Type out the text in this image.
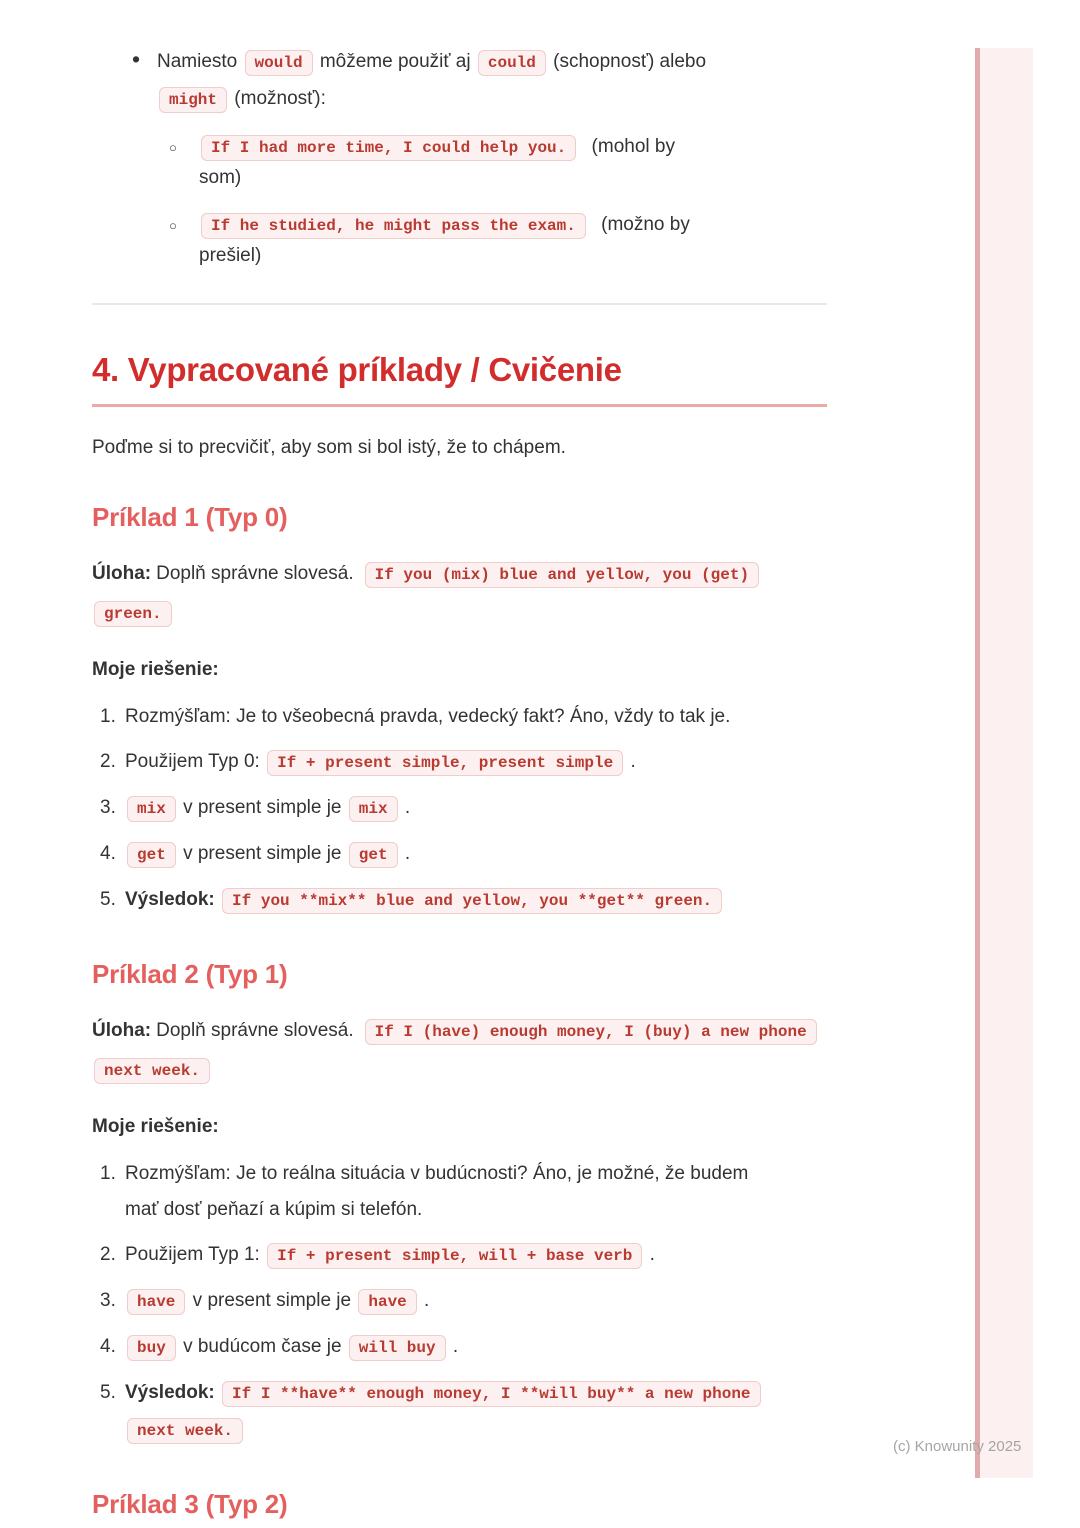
(c) Knowunity 2025
• Namiesto would môžeme použiť aj could (schopnosť) alebo might (možnosť):
○ If I had more time, I could help you. (mohol by som)
○ If he studied, he might pass the exam. (možno by prešiel)
4. Vypracované príklady / Cvičenie

Poďme si to precvičiť, aby som si bol istý, že to chápem.

Príklad 1 (Typ 0)

Úloha: Doplň správne slovesá. If you (mix) blue and yellow, you (get) green.

Moje riešenie:

1. Rozmýšľam: Je to všeobecná pravda, vedecký fakt? Áno, vždy to tak je.
2. Použijem Typ 0: If + present simple, present simple .
3. mix v present simple je mix .
4. get v present simple je get .
5. Výsledok: If you **mix** blue and yellow, you **get** green.
Príklad 2 (Typ 1)

Úloha: Doplň správne slovesá. If I (have) enough money, I (buy) a new phone next week.

Moje riešenie:

1. Rozmýšľam: Je to reálna situácia v budúcnosti? Áno, je možné, že budem mať dosť peňazí a kúpim si telefón.
2. Použijem Typ 1: If + present simple, will + base verb .
3. have v present simple je have .
4. buy v budúcom čase je will buy .
5. Výsledok: If I **have** enough money, I **will buy** a new phone next week.
Príklad 3 (Typ 2)
